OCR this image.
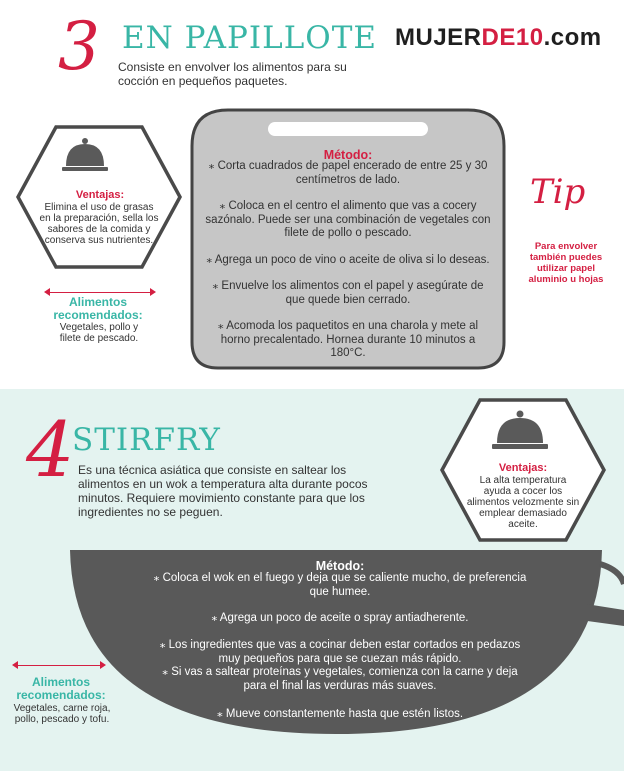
3 EN PAPILLOTE MUJERDE10.com
Consiste en envolver los alimentos para su cocción en pequeños paquetes.
Ventajas:
Elimina el uso de grasas en la preparación, sella los sabores de la comida y conserva sus nutrientes.
Alimentos recomendados:
Vegetales, pollo y filete de pescado.
Método:
⁎ Corta cuadrados de papel encerado de entre 25 y 30 centímetros de lado.
⁎ Coloca en el centro el alimento que vas a cocery sazónalo. Puede ser una combinación de vegetales con filete de pollo o pescado.
⁎ Agrega un poco de vino o aceite de oliva si lo deseas.
⁎ Envuelve los alimentos con el papel y asegúrate de que quede bien cerrado.
⁎ Acomoda los paquetitos en una charola y mete al horno precalentado. Hornea durante 10 minutos a 180°C.
Tip
Para envolver también puedes utilizar papel aluminio u hojas
4
STIRFRY
Es una técnica asiática que consiste en saltear los alimentos en un wok a temperatura alta durante pocos minutos. Requiere movimiento constante para que los ingredientes no se peguen.
Ventajas:
La alta temperatura ayuda a cocer los alimentos velozmente sin emplear demasiado aceite.
Método:
⁎ Coloca el wok en el fuego y deja que se caliente mucho, de preferencia que humee.
⁎ Agrega un poco de aceite o spray antiadherente.
⁎ Los ingredientes que vas a cocinar deben estar cortados en pedazos muy pequeños para que se cuezan más rápido.
⁎ Si vas a saltear proteínas y vegetales, comienza con la carne y deja para el final las verduras más suaves.
⁎ Mueve constantemente hasta que estén listos.
Alimentos recomendados:
Vegetales, carne roja, pollo, pescado y tofu.
